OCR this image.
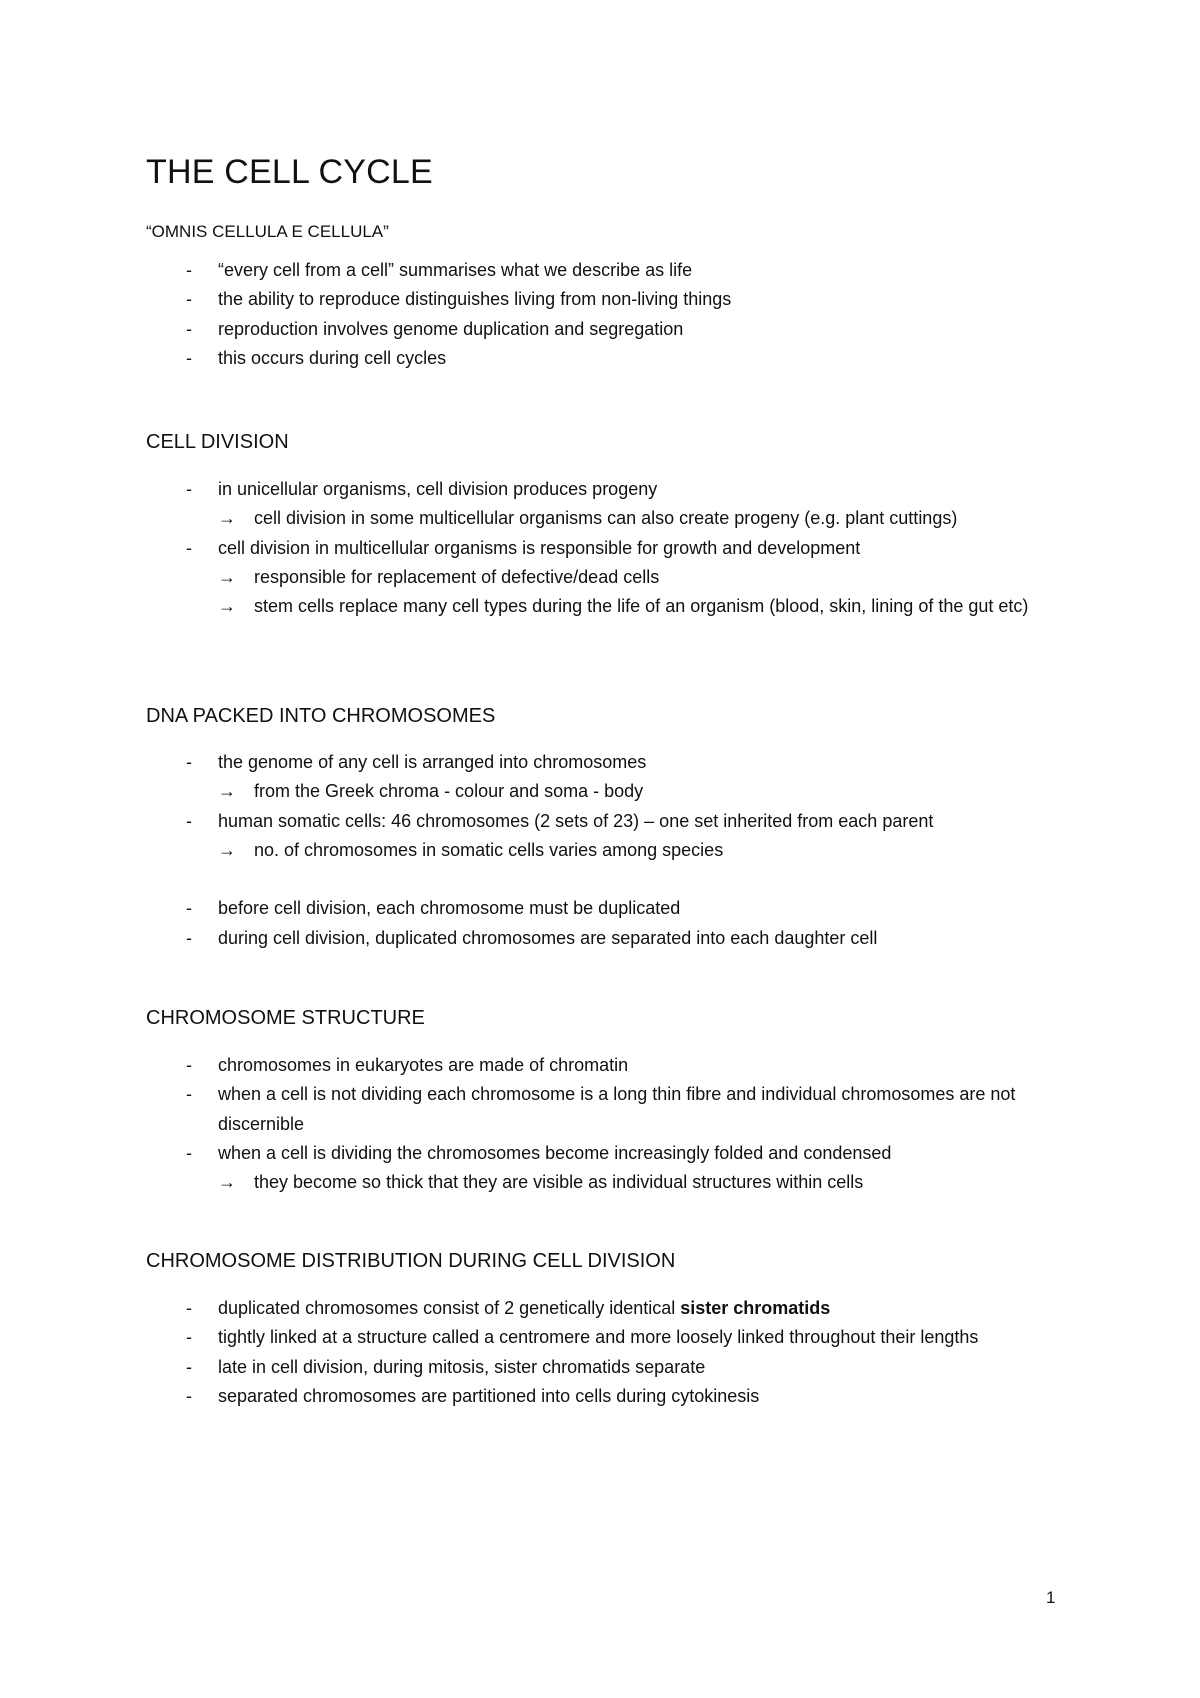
THE CELL CYCLE

“OMNIS CELLULA E CELLULA”

- “every cell from a cell” summarises what we describe as life
- the ability to reproduce distinguishes living from non-living things
- reproduction involves genome duplication and segregation
- this occurs during cell cycles
CELL DIVISION
- in unicellular organisms, cell division produces progeny
→ cell division in some multicellular organisms can also create progeny (e.g. plant cuttings)
- cell division in multicellular organisms is responsible for growth and development
→ responsible for replacement of defective/dead cells
→ stem cells replace many cell types during the life of an organism (blood, skin, lining of the gut etc)
DNA PACKED INTO CHROMOSOMES
- the genome of any cell is arranged into chromosomes
→ from the Greek chroma - colour and soma - body
- human somatic cells: 46 chromosomes (2 sets of 23) – one set inherited from each parent
→ no. of chromosomes in somatic cells varies among species
- before cell division, each chromosome must be duplicated
- during cell division, duplicated chromosomes are separated into each daughter cell
CHROMOSOME STRUCTURE
- chromosomes in eukaryotes are made of chromatin
- when a cell is not dividing each chromosome is a long thin fibre and individual chromosomes are not discernible
- when a cell is dividing the chromosomes become increasingly folded and condensed
→ they become so thick that they are visible as individual structures within cells
CHROMOSOME DISTRIBUTION DURING CELL DIVISION
- duplicated chromosomes consist of 2 genetically identical sister chromatids
- tightly linked at a structure called a centromere and more loosely linked throughout their lengths
- late in cell division, during mitosis, sister chromatids separate
- separated chromosomes are partitioned into cells during cytokinesis

1
